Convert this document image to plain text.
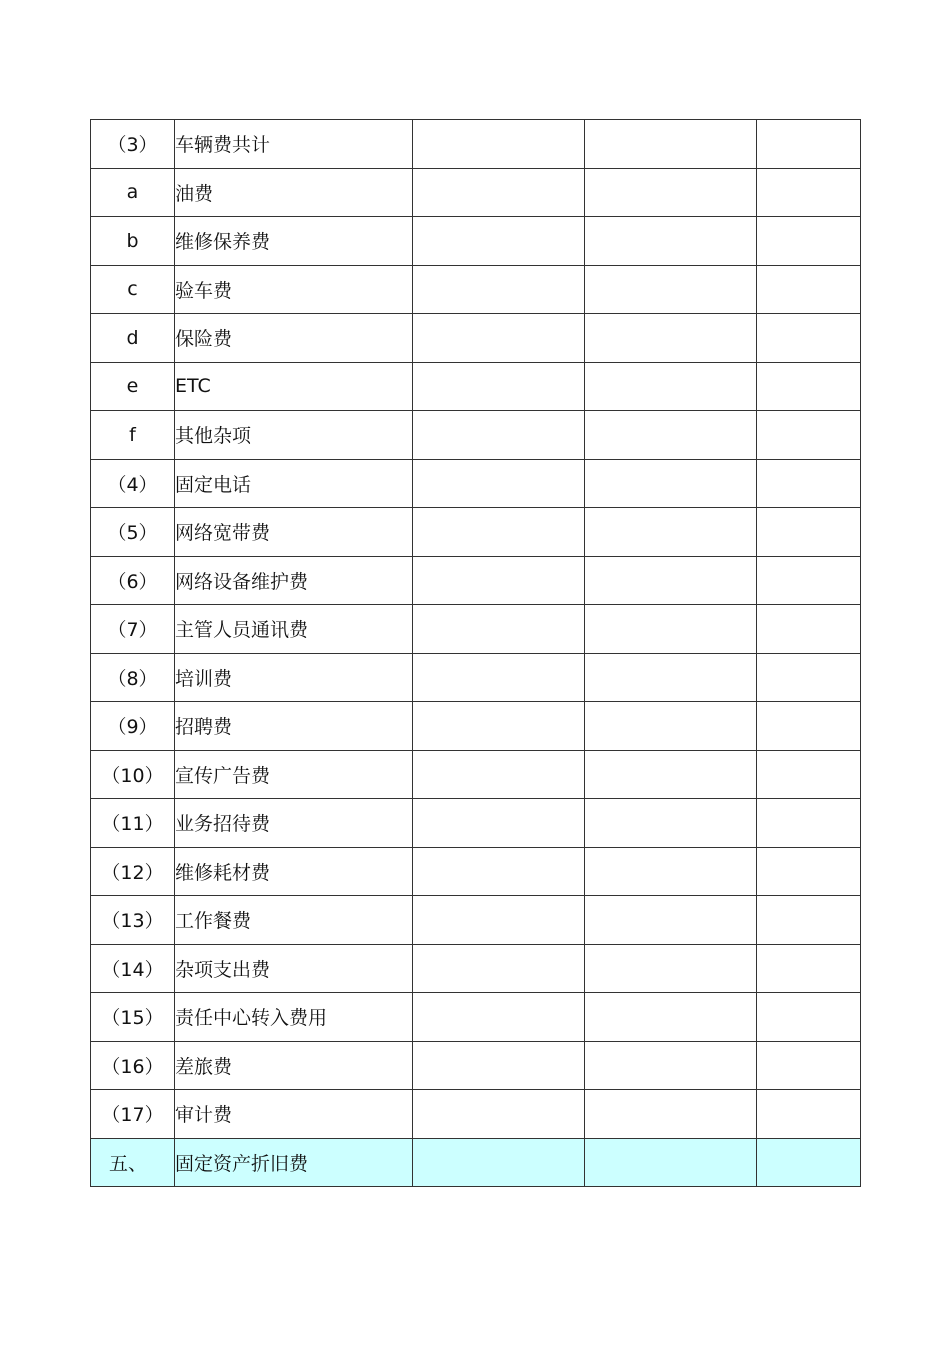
（3）	车辆费共计			
a	油费			
b	维修保养费			
c	验车费			
d	保险费			
e	ETC			
f	其他杂项			
（4）	固定电话			
（5）	网络宽带费			
（6）	网络设备维护费			
（7）	主管人员通讯费			
（8）	培训费			
（9）	招聘费			
（10）	宣传广告费			
（11）	业务招待费			
（12）	维修耗材费			
（13）	工作餐费			
（14）	杂项支出费			
（15）	责任中心转入费用			
（16）	差旅费			
（17）	审计费			
五、	固定资产折旧费			
